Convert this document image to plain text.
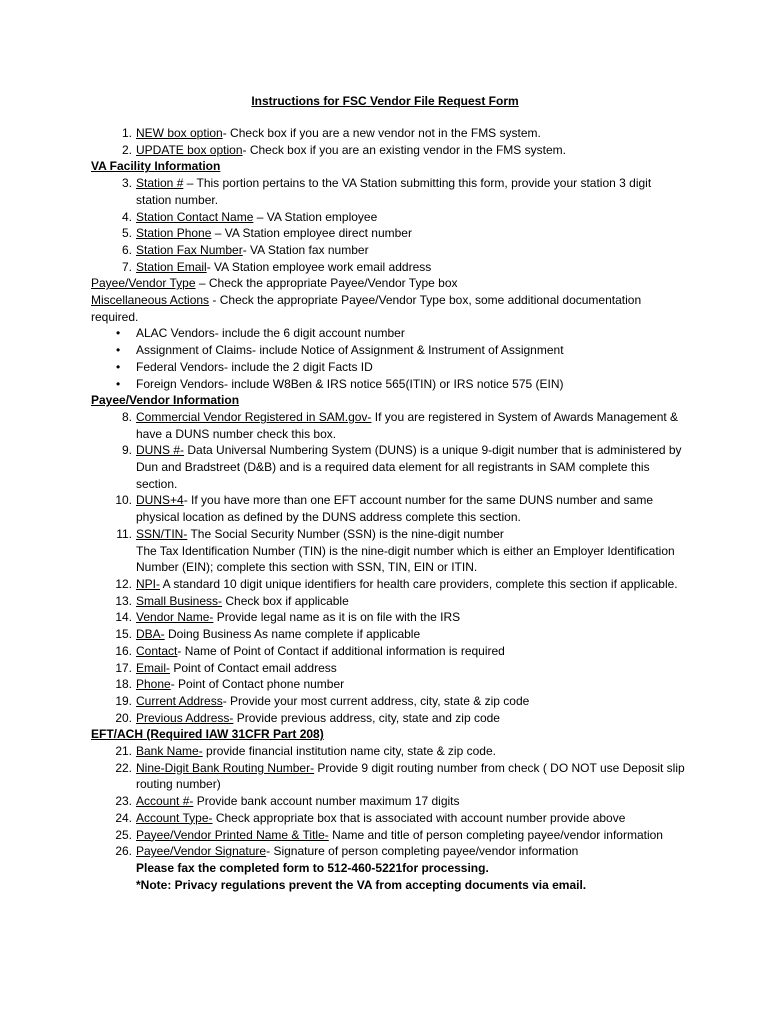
Instructions for FSC Vendor File Request Form
1. NEW box option- Check box if you are a new vendor not in the FMS system.
2. UPDATE box option- Check box if you are an existing vendor in the FMS system.
VA Facility Information
3. Station # – This portion pertains to the VA Station submitting this form, provide your station 3 digit station number.
4. Station Contact Name – VA Station employee
5. Station Phone – VA Station employee direct number
6. Station Fax Number- VA Station fax number
7. Station Email- VA Station employee work email address
Payee/Vendor Type – Check the appropriate Payee/Vendor Type box
Miscellaneous Actions - Check the appropriate Payee/Vendor Type box, some additional documentation required.
• ALAC Vendors- include the 6 digit account number
• Assignment of Claims- include Notice of Assignment & Instrument of Assignment
• Federal Vendors- include the 2 digit Facts ID
• Foreign Vendors- include W8Ben & IRS notice 565(ITIN) or IRS notice 575 (EIN)
Payee/Vendor Information
8. Commercial Vendor Registered in SAM.gov- If you are registered in System of Awards Management & have a DUNS number check this box.
9. DUNS #- Data Universal Numbering System (DUNS) is a unique 9-digit number that is administered by Dun and Bradstreet (D&B) and is a required data element for all registrants in SAM complete this section.
10. DUNS+4- If you have more than one EFT account number for the same DUNS number and same physical location as defined by the DUNS address complete this section.
11. SSN/TIN- The Social Security Number (SSN) is the nine-digit number
The Tax Identification Number (TIN) is the nine-digit number which is either an Employer Identification Number (EIN); complete this section with SSN, TIN, EIN or ITIN.
12. NPI- A standard 10 digit unique identifiers for health care providers, complete this section if applicable.
13. Small Business- Check box if applicable
14. Vendor Name- Provide legal name as it is on file with the IRS
15. DBA- Doing Business As name complete if applicable
16. Contact- Name of Point of Contact if additional information is required
17. Email- Point of Contact email address
18. Phone- Point of Contact phone number
19. Current Address- Provide your most current address, city, state & zip code
20. Previous Address- Provide previous address, city, state and zip code
EFT/ACH (Required IAW 31CFR Part 208)
21. Bank Name- provide financial institution name city, state & zip code.
22. Nine-Digit Bank Routing Number- Provide 9 digit routing number from check ( DO NOT use Deposit slip routing number)
23. Account #- Provide bank account number maximum 17 digits
24. Account Type- Check appropriate box that is associated with account number provide above
25. Payee/Vendor Printed Name & Title- Name and title of person completing payee/vendor information
26. Payee/Vendor Signature- Signature of person completing payee/vendor information
Please fax the completed form to 512-460-5221for processing.
*Note: Privacy regulations prevent the VA from accepting documents via email.
